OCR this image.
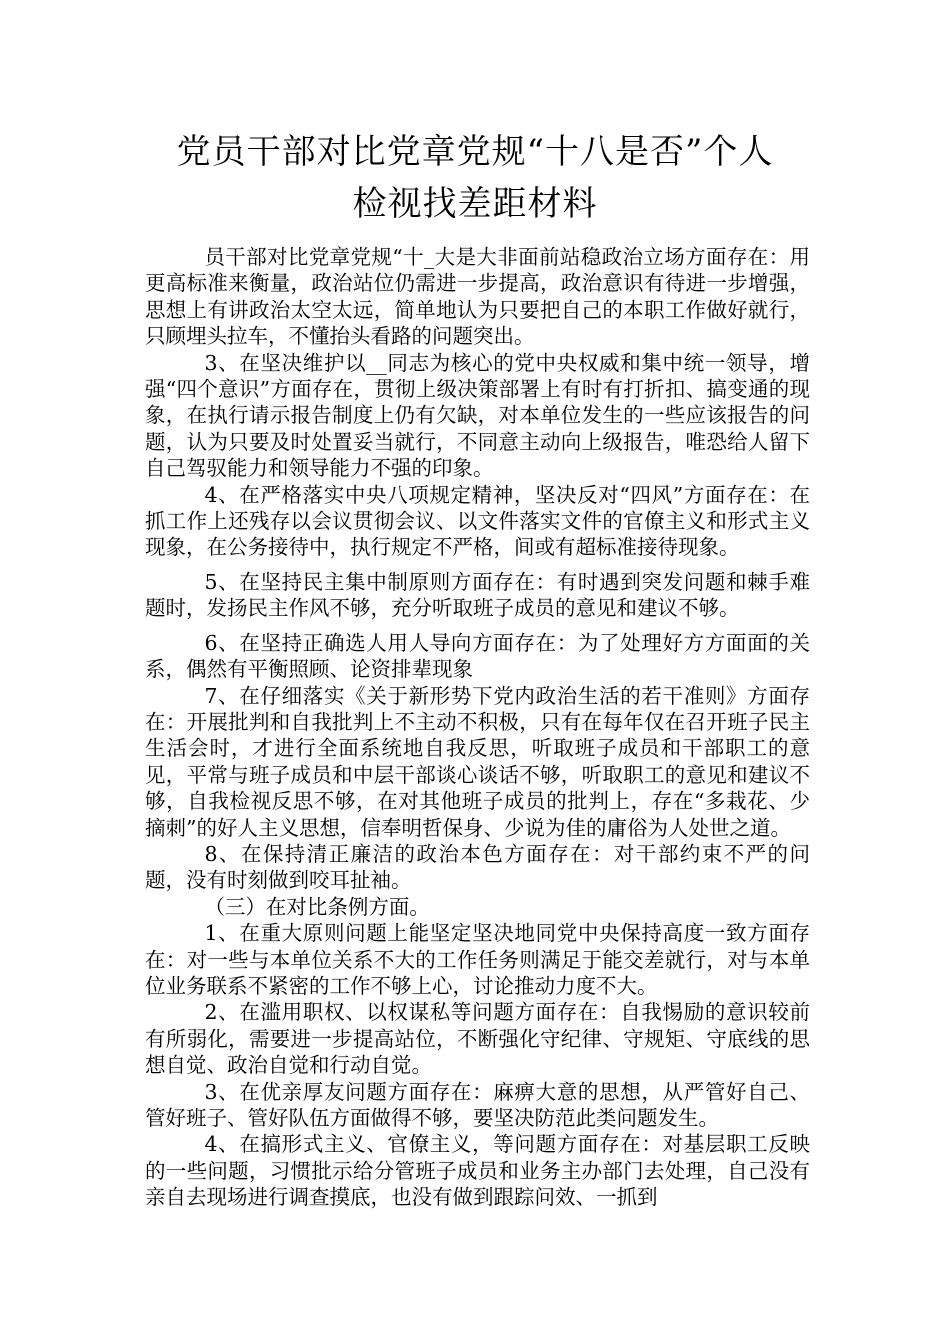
党员干部对比党章党规“十八是否”个人
检视找差距材料

员干部对比党章党规“十_大是大非面前站稳政治立场方面存在：用更高标准来衡量，政治站位仍需进一步提高，政治意识有待进一步增强，思想上有讲政治太空太远，简单地认为只要把自己的本职工作做好就行，只顾埋头拉车，不懂抬头看路的问题突出。

3、在坚决维护以__同志为核心的党中央权威和集中统一领导，增强“四个意识”方面存在，贯彻上级决策部署上有时有打折扣、搞变通的现象，在执行请示报告制度上仍有欠缺，对本单位发生的一些应该报告的问题，认为只要及时处置妥当就行，不同意主动向上级报告，唯恐给人留下自己驾驭能力和领导能力不强的印象。

4、在严格落实中央八项规定精神，坚决反对“四风”方面存在：在抓工作上还残存以会议贯彻会议、以文件落实文件的官僚主义和形式主义现象，在公务接待中，执行规定不严格，间或有超标准接待现象。

5、在坚持民主集中制原则方面存在：有时遇到突发问题和棘手难题时，发扬民主作风不够，充分听取班子成员的意见和建议不够。

6、在坚持正确选人用人导向方面存在：为了处理好方方面面的关系，偶然有平衡照顾、论资排辈现象

7、在仔细落实《关于新形势下党内政治生活的若干准则》方面存在：开展批判和自我批判上不主动不积极，只有在每年仅在召开班子民主生活会时，才进行全面系统地自我反思，听取班子成员和干部职工的意见，平常与班子成员和中层干部谈心谈话不够，听取职工的意见和建议不够，自我检视反思不够，在对其他班子成员的批判上，存在“多栽花、少摘刺”的好人主义思想，信奉明哲保身、少说为佳的庸俗为人处世之道。

8、在保持清正廉洁的政治本色方面存在：对干部约束不严的问题，没有时刻做到咬耳扯袖。

（三）在对比条例方面。

1、在重大原则问题上能坚定坚决地同党中央保持高度一致方面存在：对一些与本单位关系不大的工作任务则满足于能交差就行，对与本单位业务联系不紧密的工作不够上心，讨论推动力度不大。

2、在滥用职权、以权谋私等问题方面存在：自我惕励的意识较前有所弱化，需要进一步提高站位，不断强化守纪律、守规矩、守底线的思想自觉、政治自觉和行动自觉。

3、在优亲厚友问题方面存在：麻痹大意的思想，从严管好自己、管好班子、管好队伍方面做得不够，要坚决防范此类问题发生。

4、在搞形式主义、官僚主义，等问题方面存在：对基层职工反映的一些问题，习惯批示给分管班子成员和业务主办部门去处理，自己没有亲自去现场进行调查摸底，也没有做到跟踪问效、一抓到
